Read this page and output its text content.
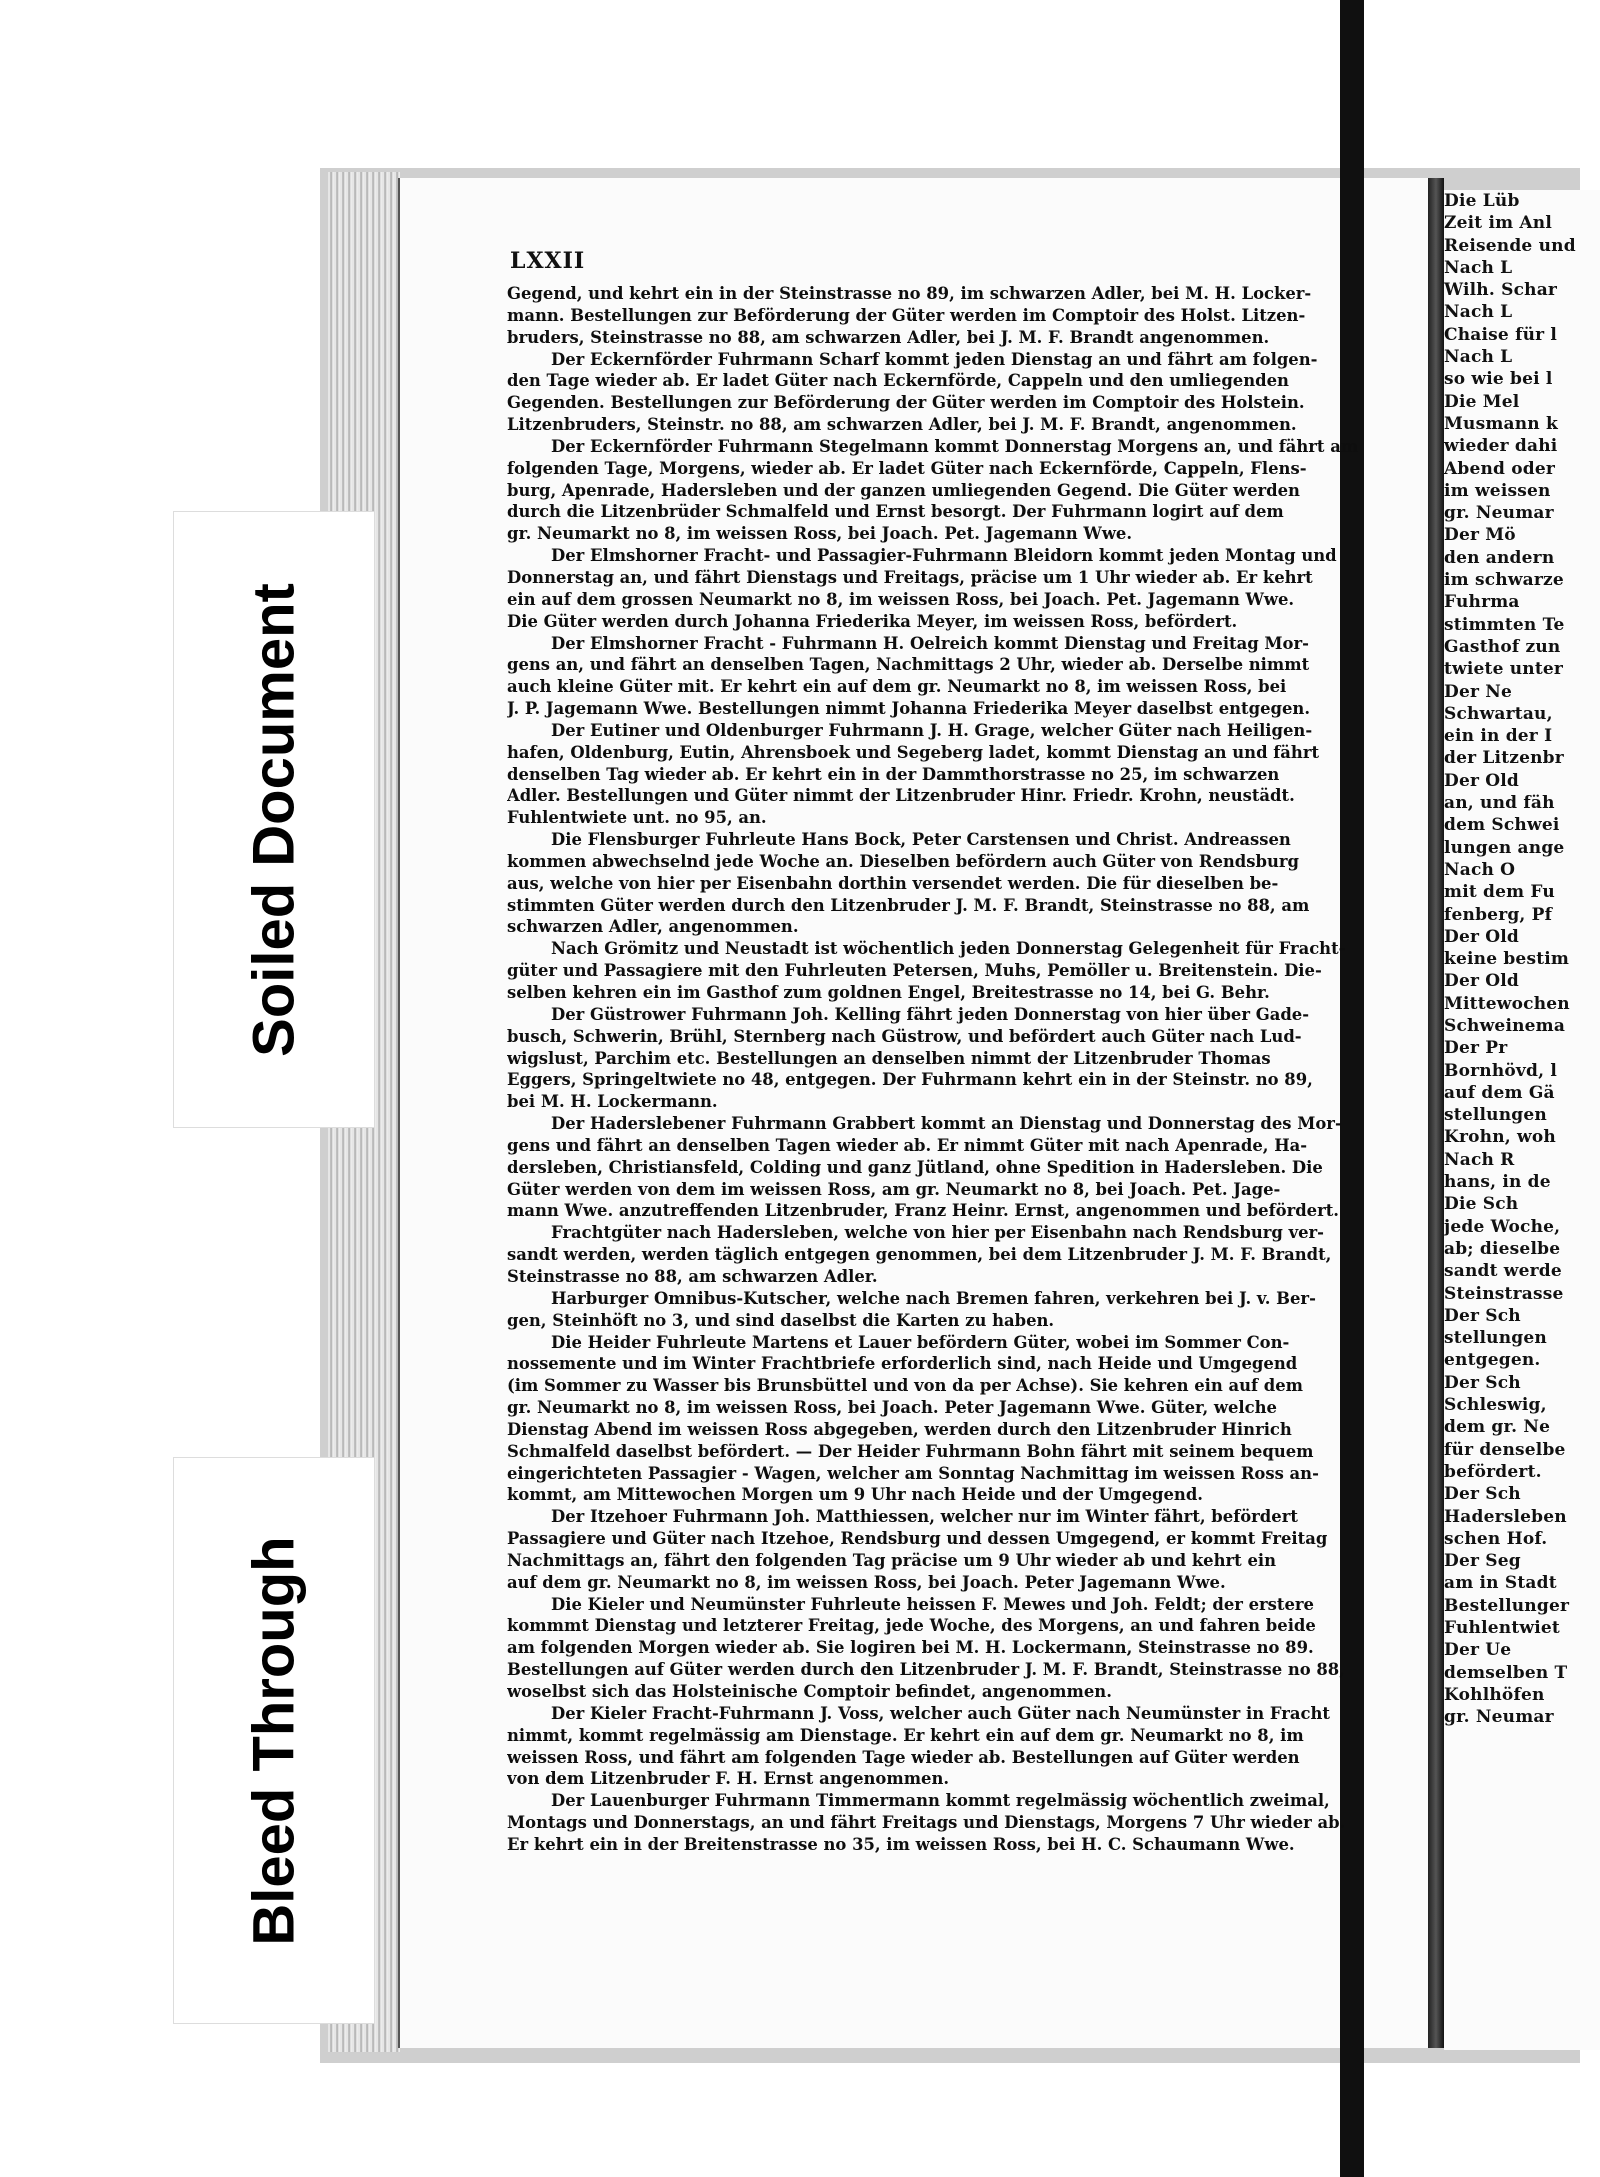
Die Lüb
Zeit im Anl
Reisende und
Nach L
Wilh. Schar
Nach L
Chaise für l
Nach L
so wie bei l
Die Mel
Musmann k
wieder dahi
Abend oder
im weissen
gr. Neumar
Der Mö
den andern
im schwarze
Fuhrma
stimmten Te
Gasthof zun
twiete unter
Der Ne
Schwartau,
ein in der I
der Litzenbr
Der Old
an, und fäh
dem Schwei
lungen ange
Nach O
mit dem Fu
fenberg, Pf
Der Old
keine bestim
Der Old
Mittewochen
Schweinema
Der Pr
Bornhövd, l
auf dem Gä
stellungen
Krohn, woh
Nach R
hans, in de
Die Sch
jede Woche,
ab; dieselbe
sandt werde
Steinstrasse
Der Sch
stellungen
entgegen.
Der Sch
Schleswig,
dem gr. Ne
für denselbe
befördert.
Der Sch
Hadersleben
schen Hof.
Der Seg
am in Stadt
Bestellunger
Fuhlentwiet
Der Ue
demselben T
Kohlhöfen
gr. Neumar
LXXII
Gegend, und kehrt ein in der Steinstrasse no 89, im schwarzen Adler, bei M. H. Locker-
mann. Bestellungen zur Beförderung der Güter werden im Comptoir des Holst. Litzen-
bruders, Steinstrasse no 88, am schwarzen Adler, bei J. M. F. Brandt angenommen.
Der Eckernförder Fuhrmann Scharf kommt jeden Dienstag an und fährt am folgen-
den Tage wieder ab. Er ladet Güter nach Eckernförde, Cappeln und den umliegenden
Gegenden. Bestellungen zur Beförderung der Güter werden im Comptoir des Holstein.
Litzenbruders, Steinstr. no 88, am schwarzen Adler, bei J. M. F. Brandt, angenommen.
Der Eckernförder Fuhrmann Stegelmann kommt Donnerstag Morgens an, und fährt am
folgenden Tage, Morgens, wieder ab. Er ladet Güter nach Eckernförde, Cappeln, Flens-
burg, Apenrade, Hadersleben und der ganzen umliegenden Gegend. Die Güter werden
durch die Litzenbrüder Schmalfeld und Ernst besorgt. Der Fuhrmann logirt auf dem
gr. Neumarkt no 8, im weissen Ross, bei Joach. Pet. Jagemann Wwe.
Der Elmshorner Fracht- und Passagier-Fuhrmann Bleidorn kommt jeden Montag und
Donnerstag an, und fährt Dienstags und Freitags, präcise um 1 Uhr wieder ab. Er kehrt
ein auf dem grossen Neumarkt no 8, im weissen Ross, bei Joach. Pet. Jagemann Wwe.
Die Güter werden durch Johanna Friederika Meyer, im weissen Ross, befördert.
Der Elmshorner Fracht - Fuhrmann H. Oelreich kommt Dienstag und Freitag Mor-
gens an, und fährt an denselben Tagen, Nachmittags 2 Uhr, wieder ab. Derselbe nimmt
auch kleine Güter mit. Er kehrt ein auf dem gr. Neumarkt no 8, im weissen Ross, bei
J. P. Jagemann Wwe. Bestellungen nimmt Johanna Friederika Meyer daselbst entgegen.
Der Eutiner und Oldenburger Fuhrmann J. H. Grage, welcher Güter nach Heiligen-
hafen, Oldenburg, Eutin, Ahrensboek und Segeberg ladet, kommt Dienstag an und fährt
denselben Tag wieder ab. Er kehrt ein in der Dammthorstrasse no 25, im schwarzen
Adler. Bestellungen und Güter nimmt der Litzenbruder Hinr. Friedr. Krohn, neustädt.
Fuhlentwiete unt. no 95, an.
Die Flensburger Fuhrleute Hans Bock, Peter Carstensen und Christ. Andreassen
kommen abwechselnd jede Woche an. Dieselben befördern auch Güter von Rendsburg
aus, welche von hier per Eisenbahn dorthin versendet werden. Die für dieselben be-
stimmten Güter werden durch den Litzenbruder J. M. F. Brandt, Steinstrasse no 88, am
schwarzen Adler, angenommen.
Nach Grömitz und Neustadt ist wöchentlich jeden Donnerstag Gelegenheit für Fracht-
güter und Passagiere mit den Fuhrleuten Petersen, Muhs, Pemöller u. Breitenstein. Die-
selben kehren ein im Gasthof zum goldnen Engel, Breitestrasse no 14, bei G. Behr.
Der Güstrower Fuhrmann Joh. Kelling fährt jeden Donnerstag von hier über Gade-
busch, Schwerin, Brühl, Sternberg nach Güstrow, und befördert auch Güter nach Lud-
wigslust, Parchim etc. Bestellungen an denselben nimmt der Litzenbruder Thomas
Eggers, Springeltwiete no 48, entgegen. Der Fuhrmann kehrt ein in der Steinstr. no 89,
bei M. H. Lockermann.
Der Haderslebener Fuhrmann Grabbert kommt an Dienstag und Donnerstag des Mor-
gens und fährt an denselben Tagen wieder ab. Er nimmt Güter mit nach Apenrade, Ha-
dersleben, Christiansfeld, Colding und ganz Jütland, ohne Spedition in Hadersleben. Die
Güter werden von dem im weissen Ross, am gr. Neumarkt no 8, bei Joach. Pet. Jage-
mann Wwe. anzutreffenden Litzenbruder, Franz Heinr. Ernst, angenommen und befördert.
Frachtgüter nach Hadersleben, welche von hier per Eisenbahn nach Rendsburg ver-
sandt werden, werden täglich entgegen genommen, bei dem Litzenbruder J. M. F. Brandt,
Steinstrasse no 88, am schwarzen Adler.
Harburger Omnibus-Kutscher, welche nach Bremen fahren, verkehren bei J. v. Ber-
gen, Steinhöft no 3, und sind daselbst die Karten zu haben.
Die Heider Fuhrleute Martens et Lauer befördern Güter, wobei im Sommer Con-
nossemente und im Winter Frachtbriefe erforderlich sind, nach Heide und Umgegend
(im Sommer zu Wasser bis Brunsbüttel und von da per Achse). Sie kehren ein auf dem
gr. Neumarkt no 8, im weissen Ross, bei Joach. Peter Jagemann Wwe. Güter, welche
Dienstag Abend im weissen Ross abgegeben, werden durch den Litzenbruder Hinrich
Schmalfeld daselbst befördert. — Der Heider Fuhrmann Bohn fährt mit seinem bequem
eingerichteten Passagier - Wagen, welcher am Sonntag Nachmittag im weissen Ross an-
kommt, am Mittewochen Morgen um 9 Uhr nach Heide und der Umgegend.
Der Itzehoer Fuhrmann Joh. Matthiessen, welcher nur im Winter fährt, befördert
Passagiere und Güter nach Itzehoe, Rendsburg und dessen Umgegend, er kommt Freitag
Nachmittags an, fährt den folgenden Tag präcise um 9 Uhr wieder ab und kehrt ein
auf dem gr. Neumarkt no 8, im weissen Ross, bei Joach. Peter Jagemann Wwe.
Die Kieler und Neumünster Fuhrleute heissen F. Mewes und Joh. Feldt; der erstere
kommmt Dienstag und letzterer Freitag, jede Woche, des Morgens, an und fahren beide
am folgenden Morgen wieder ab. Sie logiren bei M. H. Lockermann, Steinstrasse no 89.
Bestellungen auf Güter werden durch den Litzenbruder J. M. F. Brandt, Steinstrasse no 88,
woselbst sich das Holsteinische Comptoir befindet, angenommen.
Der Kieler Fracht-Fuhrmann J. Voss, welcher auch Güter nach Neumünster in Fracht
nimmt, kommt regelmässig am Dienstage. Er kehrt ein auf dem gr. Neumarkt no 8, im
weissen Ross, und fährt am folgenden Tage wieder ab. Bestellungen auf Güter werden
von dem Litzenbruder F. H. Ernst angenommen.
Der Lauenburger Fuhrmann Timmermann kommt regelmässig wöchentlich zweimal,
Montags und Donnerstags, an und fährt Freitags und Dienstags, Morgens 7 Uhr wieder ab.
Er kehrt ein in der Breitenstrasse no 35, im weissen Ross, bei H. C. Schaumann Wwe.
Soiled Document
Bleed Through
